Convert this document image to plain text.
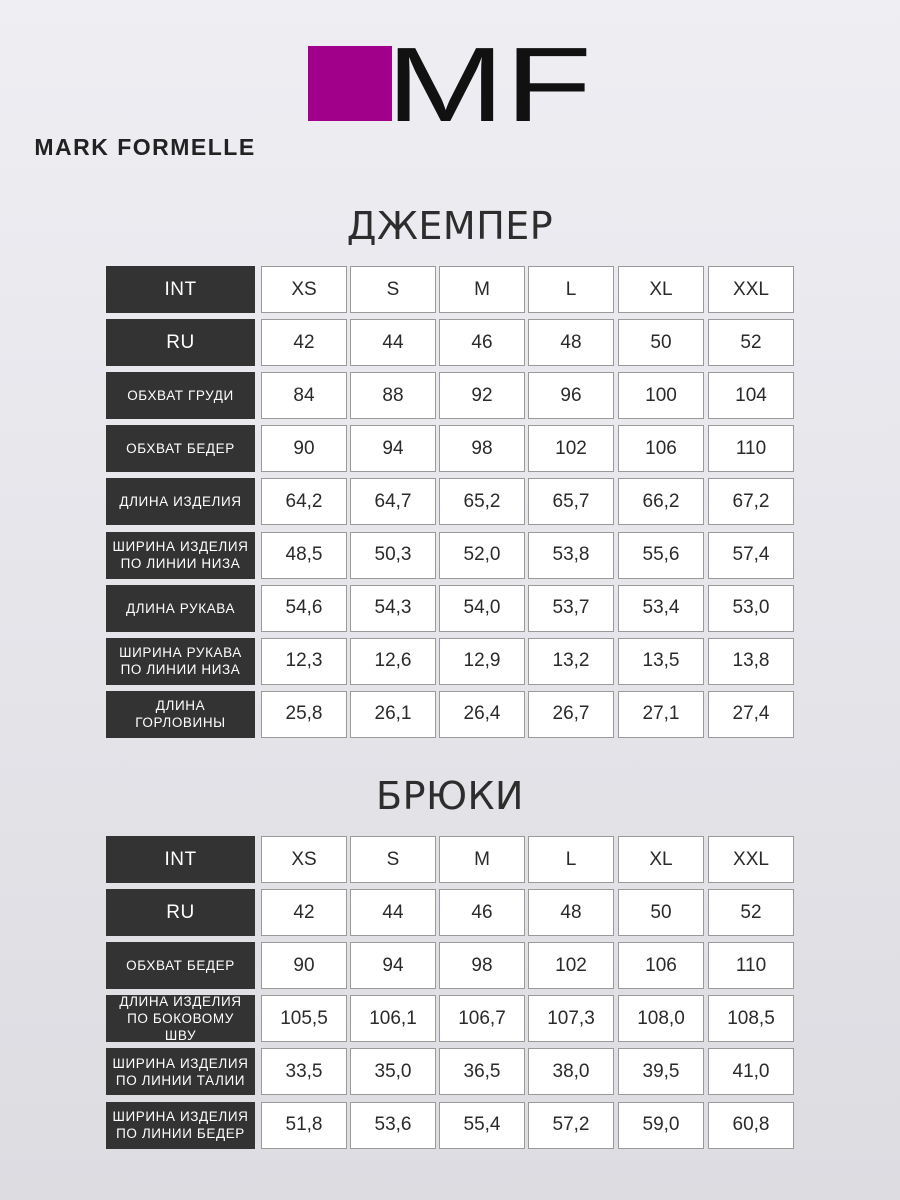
MF
MARK FORMELLE
ДЖЕМПЕР
INT	XS	S	M	L	XL	XXL
RU	42	44	46	48	50	52
ОБХВАТ ГРУДИ	84	88	92	96	100	104
ОБХВАТ БЕДЕР	90	94	98	102	106	110
ДЛИНА ИЗДЕЛИЯ	64,2	64,7	65,2	65,7	66,2	67,2
ШИРИНА ИЗДЕЛИЯ
ПО ЛИНИИ НИЗА	48,5	50,3	52,0	53,8	55,6	57,4
ДЛИНА РУКАВА	54,6	54,3	54,0	53,7	53,4	53,0
ШИРИНА РУКАВА
ПО ЛИНИИ НИЗА	12,3	12,6	12,9	13,2	13,5	13,8
ДЛИНА
ГОРЛОВИНЫ	25,8	26,1	26,4	26,7	27,1	27,4
БРЮКИ
INT	XS	S	M	L	XL	XXL
RU	42	44	46	48	50	52
ОБХВАТ БЕДЕР	90	94	98	102	106	110
ДЛИНА ИЗДЕЛИЯ
ПО БОКОВОМУ ШВУ
105,5	106,1	106,7	107,3	108,0	108,5
ШИРИНА ИЗДЕЛИЯ
ПО ЛИНИИ ТАЛИИ	33,5	35,0	36,5	38,0	39,5	41,0
ШИРИНА ИЗДЕЛИЯ
ПО ЛИНИИ БЕДЕР	51,8	53,6	55,4	57,2	59,0	60,8
